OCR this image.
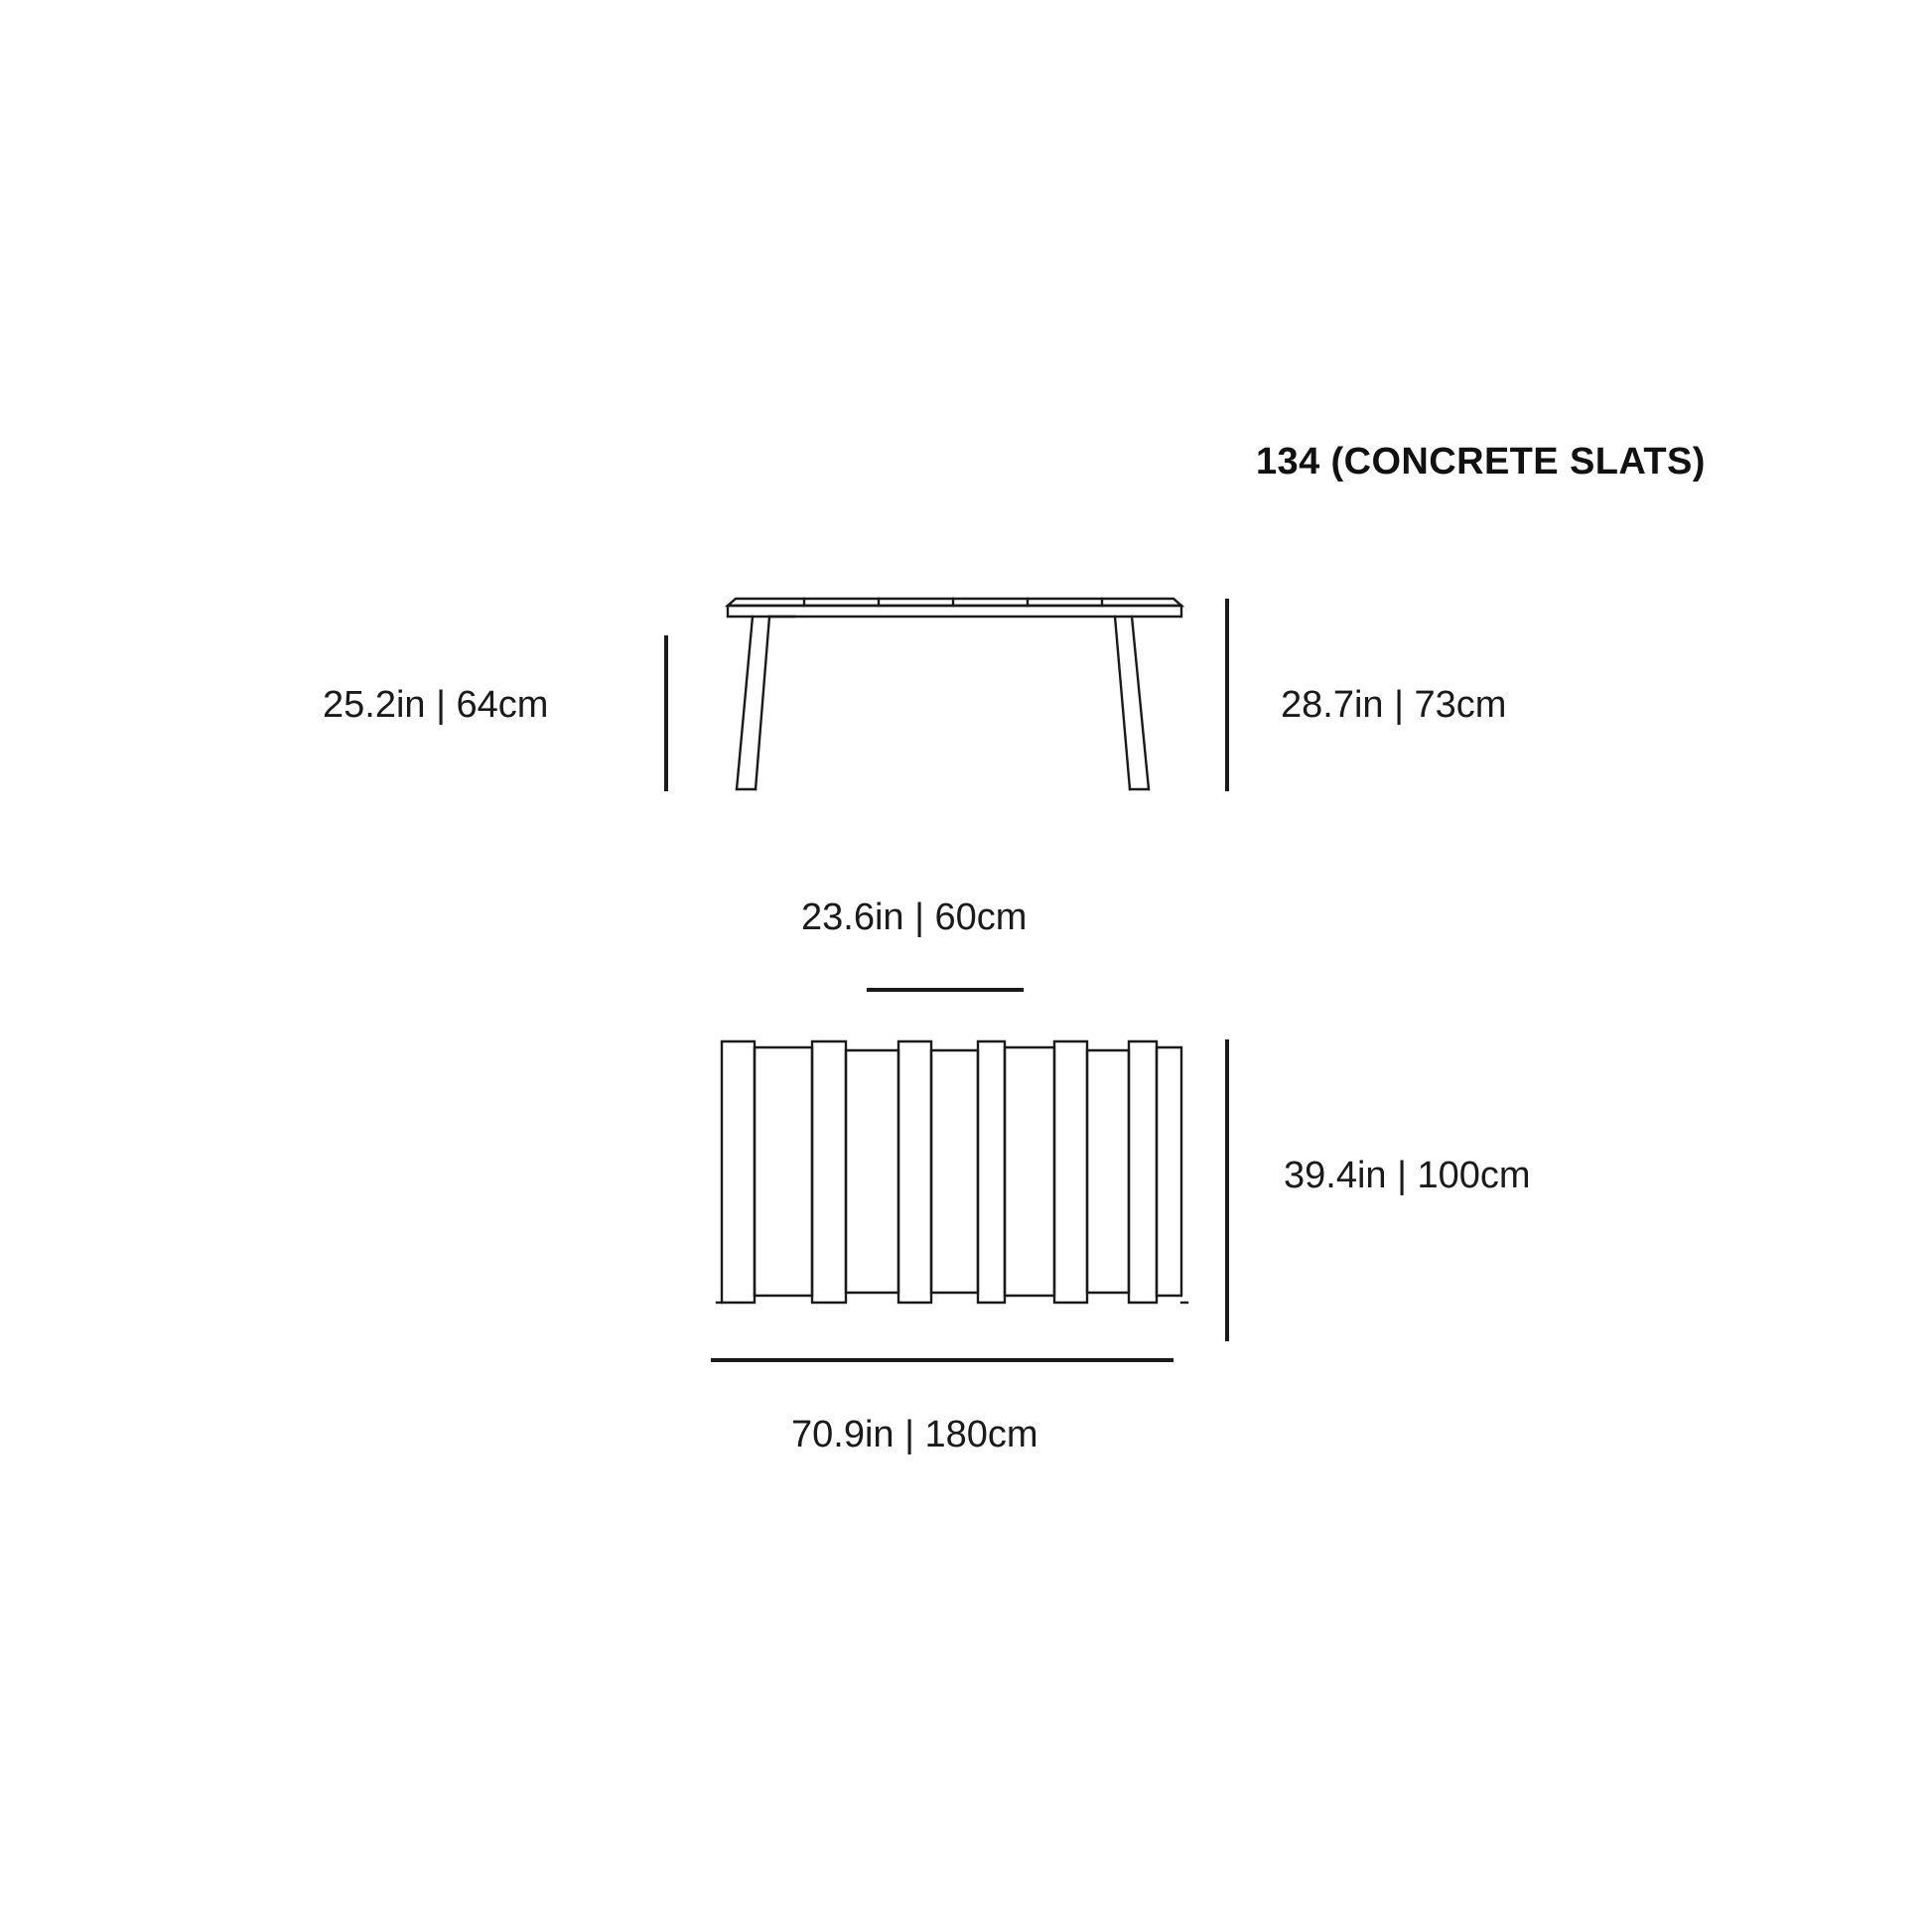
134 (CONCRETE SLATS)
25.2in | 64cm	28.7in | 73cm
23.6in | 60cm
39.4in | 100cm
70.9in | 180cm
